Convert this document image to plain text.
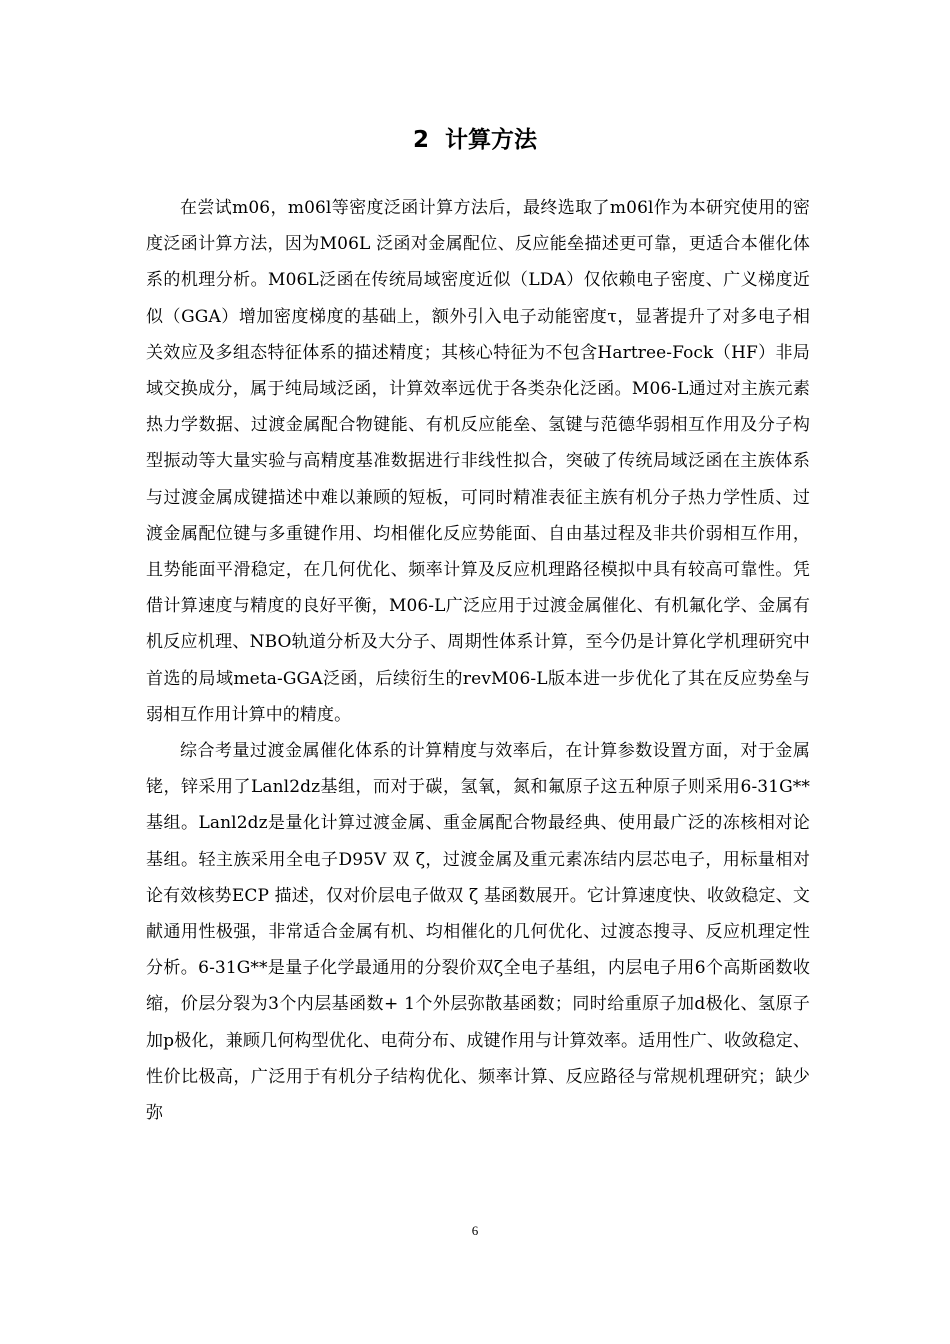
2  计算方法

在尝试m06，m06l等密度泛函计算方法后，最终选取了m06l作为本研究使用的密度泛函计算方法，因为M06L 泛函对金属配位、反应能垒描述更可靠，更适合本催化体系的机理分析。M06L泛函在传统局域密度近似（LDA）仅依赖电子密度、广义梯度近似（GGA）增加密度梯度的基础上，额外引入电子动能密度τ，显著提升了对多电子相关效应及多组态特征体系的描述精度；其核心特征为不包含Hartree-Fock（HF）非局域交换成分，属于纯局域泛函，计算效率远优于各类杂化泛函。M06-L通过对主族元素热力学数据、过渡金属配合物键能、有机反应能垒、氢键与范德华弱相互作用及分子构型振动等大量实验与高精度基准数据进行非线性拟合，突破了传统局域泛函在主族体系与过渡金属成键描述中难以兼顾的短板，可同时精准表征主族有机分子热力学性质、过渡金属配位键与多重键作用、均相催化反应势能面、自由基过程及非共价弱相互作用，且势能面平滑稳定，在几何优化、频率计算及反应机理路径模拟中具有较高可靠性。凭借计算速度与精度的良好平衡，M06-L广泛应用于过渡金属催化、有机氟化学、金属有机反应机理、NBO轨道分析及大分子、周期性体系计算，至今仍是计算化学机理研究中首选的局域meta-GGA泛函，后续衍生的revM06-L版本进一步优化了其在反应势垒与弱相互作用计算中的精度。

综合考量过渡金属催化体系的计算精度与效率后，在计算参数设置方面，对于金属铑，锌采用了Lanl2dz基组，而对于碳，氢氧，氮和氟原子这五种原子则采用6-31G**基组。Lanl2dz是量化计算过渡金属、重金属配合物最经典、使用最广泛的冻核相对论基组。轻主族采用全电子D95V 双 ζ，过渡金属及重元素冻结内层芯电子，用标量相对论有效核势ECP 描述，仅对价层电子做双 ζ 基函数展开。它计算速度快、收敛稳定、文献通用性极强，非常适合金属有机、均相催化的几何优化、过渡态搜寻、反应机理定性分析。6-31G**是量子化学最通用的分裂价双ζ全电子基组，内层电子用6个高斯函数收缩，价层分裂为3个内层基函数+ 1个外层弥散基函数；同时给重原子加d极化、氢原子加p极化，兼顾几何构型优化、电荷分布、成键作用与计算效率。适用性广、收敛稳定、性价比极高，广泛用于有机分子结构优化、频率计算、反应路径与常规机理研究；缺少弥

6
